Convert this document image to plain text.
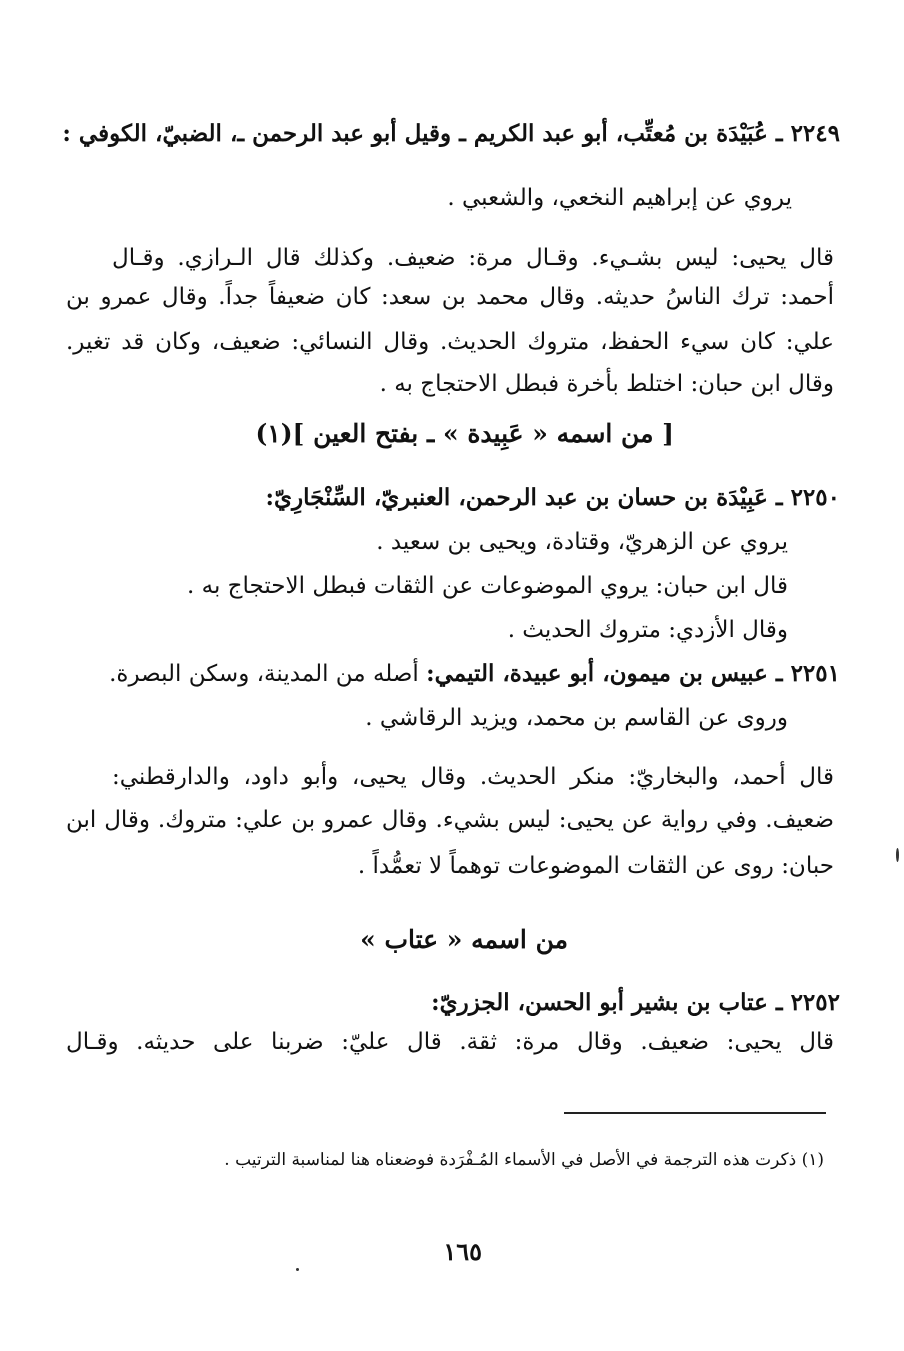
٢٢٤٩ ـ عُبَيْدَة بن مُعتِّب، أبو عبد الكريم ـ وقيل أبو عبد الرحمن ـ، الضبيّ، الكوفي :
يروي عن إبراهيم النخعي، والشعبي .
قال يحيى: ليس بشـيء. وقـال مرة: ضعيف. وكذلك قال الـرازي. وقـال
أحمد: ترك الناسُ حديثه. وقال محمد بن سعد: كان ضعيفاً جداً. وقال عمرو بن
علي: كان سيء الحفظ، متروك الحديث. وقال النسائي: ضعيف، وكان قد تغير.
وقال ابن حبان: اختلط بأخرة فبطل الاحتجاج به .
[ من اسمه « عَبِيدة » ـ بفتح العين ](١)
٢٢٥٠ ـ عَبِيْدَة بن حسان بن عبد الرحمن، العنبريّ، السِّنْجَارِيّ:
يروي عن الزهريّ، وقتادة، ويحيى بن سعيد .
قال ابن حبان: يروي الموضوعات عن الثقات فبطل الاحتجاج به .
وقال الأزدي: متروك الحديث .
٢٢٥١ ـ عبيس بن ميمون، أبو عبيدة، التيمي: أصله من المدينة، وسكن البصرة.
وروى عن القاسم بن محمد، ويزيد الرقاشي .
قال أحمد، والبخاريّ: منكر الحديث. وقال يحيى، وأبو داود، والدارقطني:
ضعيف. وفي رواية عن يحيى: ليس بشيء. وقال عمرو بن علي: متروك. وقال ابن
حبان: روى عن الثقات الموضوعات توهماً لا تعمُّداً .
من اسمه « عتاب »
٢٢٥٢ ـ عتاب بن بشير أبو الحسن، الجزريّ:
قال يحيى: ضعيف. وقال مرة: ثقة. قال عليّ: ضربنا على حديثه. وقـال
(١) ذكرت هذه الترجمة في الأصل في الأسماء المُـفْرَدة فوضعناه هنا لمناسبة الترتيب .
١٦٥
